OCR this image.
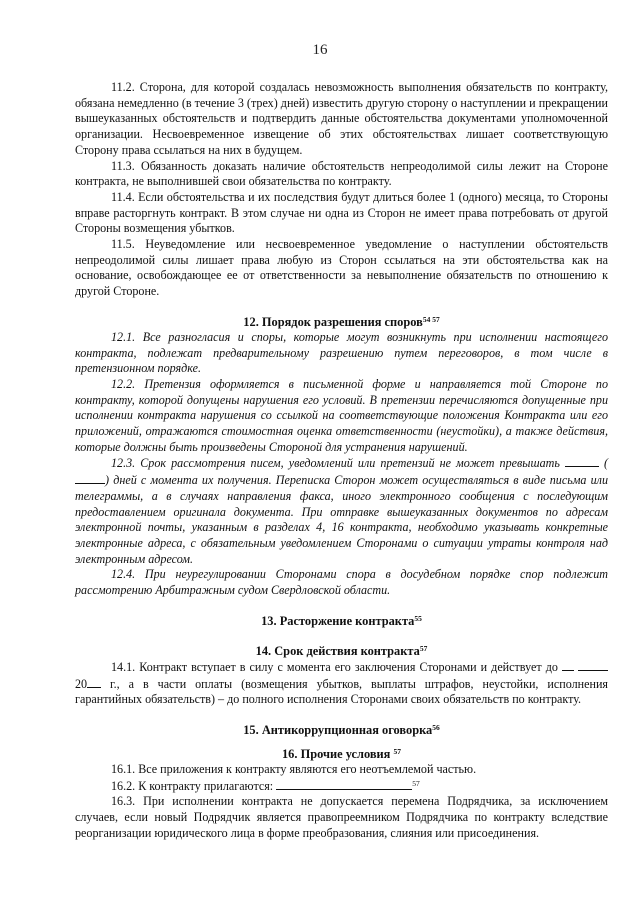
16

11.2. Сторона, для которой создалась невозможность выполнения обязательств по контракту, обязана немедленно (в течение 3 (трех) дней) известить другую сторону о наступлении и прекращении вышеуказанных обстоятельств и подтвердить данные обстоятельства документами уполномоченной организации. Несвоевременное извещение об этих обстоятельствах лишает соответствующую Сторону права ссылаться на них в будущем.

11.3. Обязанность доказать наличие обстоятельств непреодолимой силы лежит на Стороне контракта, не выполнившей свои обязательства по контракту.

11.4. Если обстоятельства и их последствия будут длиться более 1 (одного) месяца, то Стороны вправе расторгнуть контракт. В этом случае ни одна из Сторон не имеет права потребовать от другой Стороны возмещения убытков.

11.5. Неуведомление или несвоевременное уведомление о наступлении обстоятельств непреодолимой силы лишает права любую из Сторон ссылаться на эти обстоятельства как на основание, освобождающее ее от ответственности за невыполнение обязательств по отношению к другой Стороне.

12. Порядок разрешения споров$^{54 57}$

12.1. Все разногласия и споры, которые могут возникнуть при исполнении настоящего контракта, подлежат предварительному разрешению путем переговоров, в том числе в претензионном порядке.

12.2. Претензия оформляется в письменной форме и направляется той Стороне по контракту, которой допущены нарушения его условий. В претензии перечисляются допущенные при исполнении контракта нарушения со ссылкой на соответствующие положения Контракта или его приложений, отражаются стоимостная оценка ответственности (неустойки), а также действия, которые должны быть произведены Стороной для устранения нарушений.

12.3. Срок рассмотрения писем, уведомлений или претензий не может превышать	() дней с момента их получения. Переписка Сторон может осуществляться в виде письма или телеграммы, а в случаях направления факса, иного электронного сообщения с последующим предоставлением оригинала документа. При отправке вышеуказанных документов по адресам электронной почты, указанным в разделах 4, 16 контракта, необходимо указывать конкретные электронные адреса, с обязательным уведомлением Сторонами о ситуации утраты контроля над электронным адресом.

12.4. При неурегулировании Сторонами спора в досудебном порядке спор подлежит рассмотрению Арбитражным судом Свердловской области.

13. Расторжение контракта$^{55}$
14. Срок действия контракта$^{57}$

14.1. Контракт вступает в силу с момента его заключения Сторонами и действует до   20 г., а в части оплаты (возмещения убытков, выплаты штрафов, неустойки, исполнения гарантийных обязательств) – до полного исполнения Сторонами своих обязательств по контракту.

15. Антикоррупционная оговорка$^{56}$
16. Прочие условия $^{57}$

16.1. Все приложения к контракту являются его неотъемлемой частью.

16.2. К контракту прилагаются:	$^{57}$

16.3. При исполнении контракта не допускается перемена Подрядчика, за исключением случаев, если новый Подрядчик является правопреемником Подрядчика по контракту вследствие реорганизации юридического лица в форме преобразования, слияния или присоединения.
